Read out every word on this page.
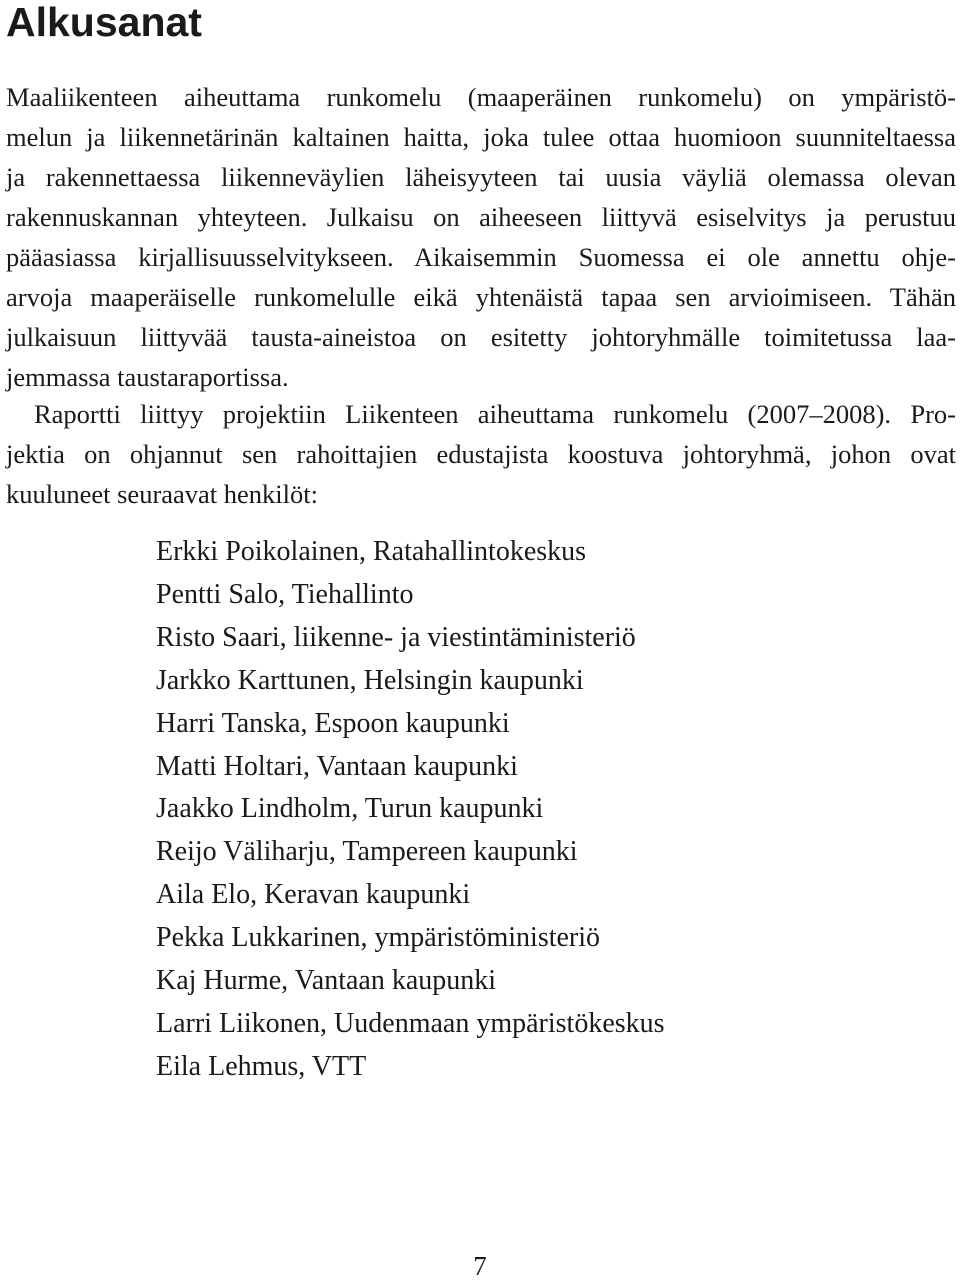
Alkusanat

Maaliikenteen aiheuttama runkomelu (maaperäinen runkomelu) on ympäristö-
melun ja liikennetärinän kaltainen haitta, joka tulee ottaa huomioon suunniteltaessa
ja rakennettaessa liikenneväylien läheisyyteen tai uusia väyliä olemassa olevan
rakennuskannan yhteyteen. Julkaisu on aiheeseen liittyvä esiselvitys ja perustuu
pääasiassa kirjallisuusselvitykseen. Aikaisemmin Suomessa ei ole annettu ohje-
arvoja maaperäiselle runkomelulle eikä yhtenäistä tapaa sen arvioimiseen. Tähän
julkaisuun liittyvää tausta-aineistoa on esitetty johtoryhmälle toimitetussa laa-
jemmassa taustaraportissa.

Raportti liittyy projektiin Liikenteen aiheuttama runkomelu (2007–2008). Pro-
jektia on ohjannut sen rahoittajien edustajista koostuva johtoryhmä, johon ovat
kuuluneet seuraavat henkilöt:

Erkki Poikolainen, Ratahallintokeskus
Pentti Salo, Tiehallinto
Risto Saari, liikenne- ja viestintäministeriö
Jarkko Karttunen, Helsingin kaupunki
Harri Tanska, Espoon kaupunki
Matti Holtari, Vantaan kaupunki
Jaakko Lindholm, Turun kaupunki
Reijo Väliharju, Tampereen kaupunki
Aila Elo, Keravan kaupunki
Pekka Lukkarinen, ympäristöministeriö
Kaj Hurme, Vantaan kaupunki
Larri Liikonen, Uudenmaan ympäristökeskus
Eila Lehmus, VTT
7
